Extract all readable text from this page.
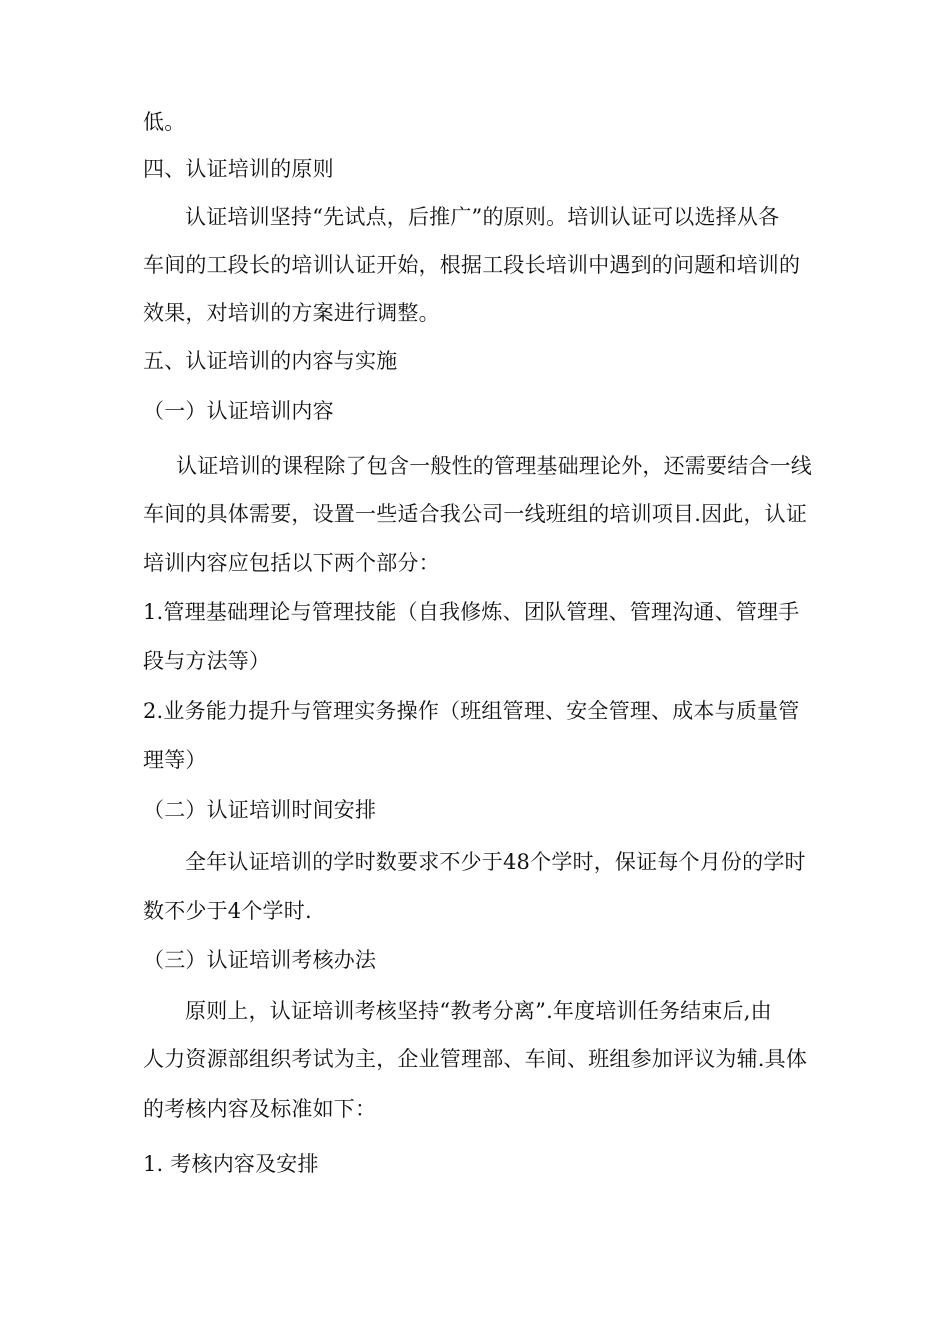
低。
四、认证培训的原则
认证培训坚持“先试点，后推广”的原则。培训认证可以选择从各
车间的工段长的培训认证开始，根据工段长培训中遇到的问题和培训的
效果，对培训的方案进行调整。
五、认证培训的内容与实施
（一）认证培训内容
认证培训的课程除了包含一般性的管理基础理论外，还需要结合一线
车间的具体需要，设置一些适合我公司一线班组的培训项目.因此，认证
培训内容应包括以下两个部分：
1.管理基础理论与管理技能（自我修炼、团队管理、管理沟通、管理手
段与方法等）
2.业务能力提升与管理实务操作（班组管理、安全管理、成本与质量管
理等）
（二）认证培训时间安排
全年认证培训的学时数要求不少于48个学时，保证每个月份的学时
数不少于4个学时.
（三）认证培训考核办法
原则上，认证培训考核坚持“教考分离”.年度培训任务结束后,由
人力资源部组织考试为主，企业管理部、车间、班组参加评议为辅.具体
的考核内容及标准如下：
1. 考核内容及安排
